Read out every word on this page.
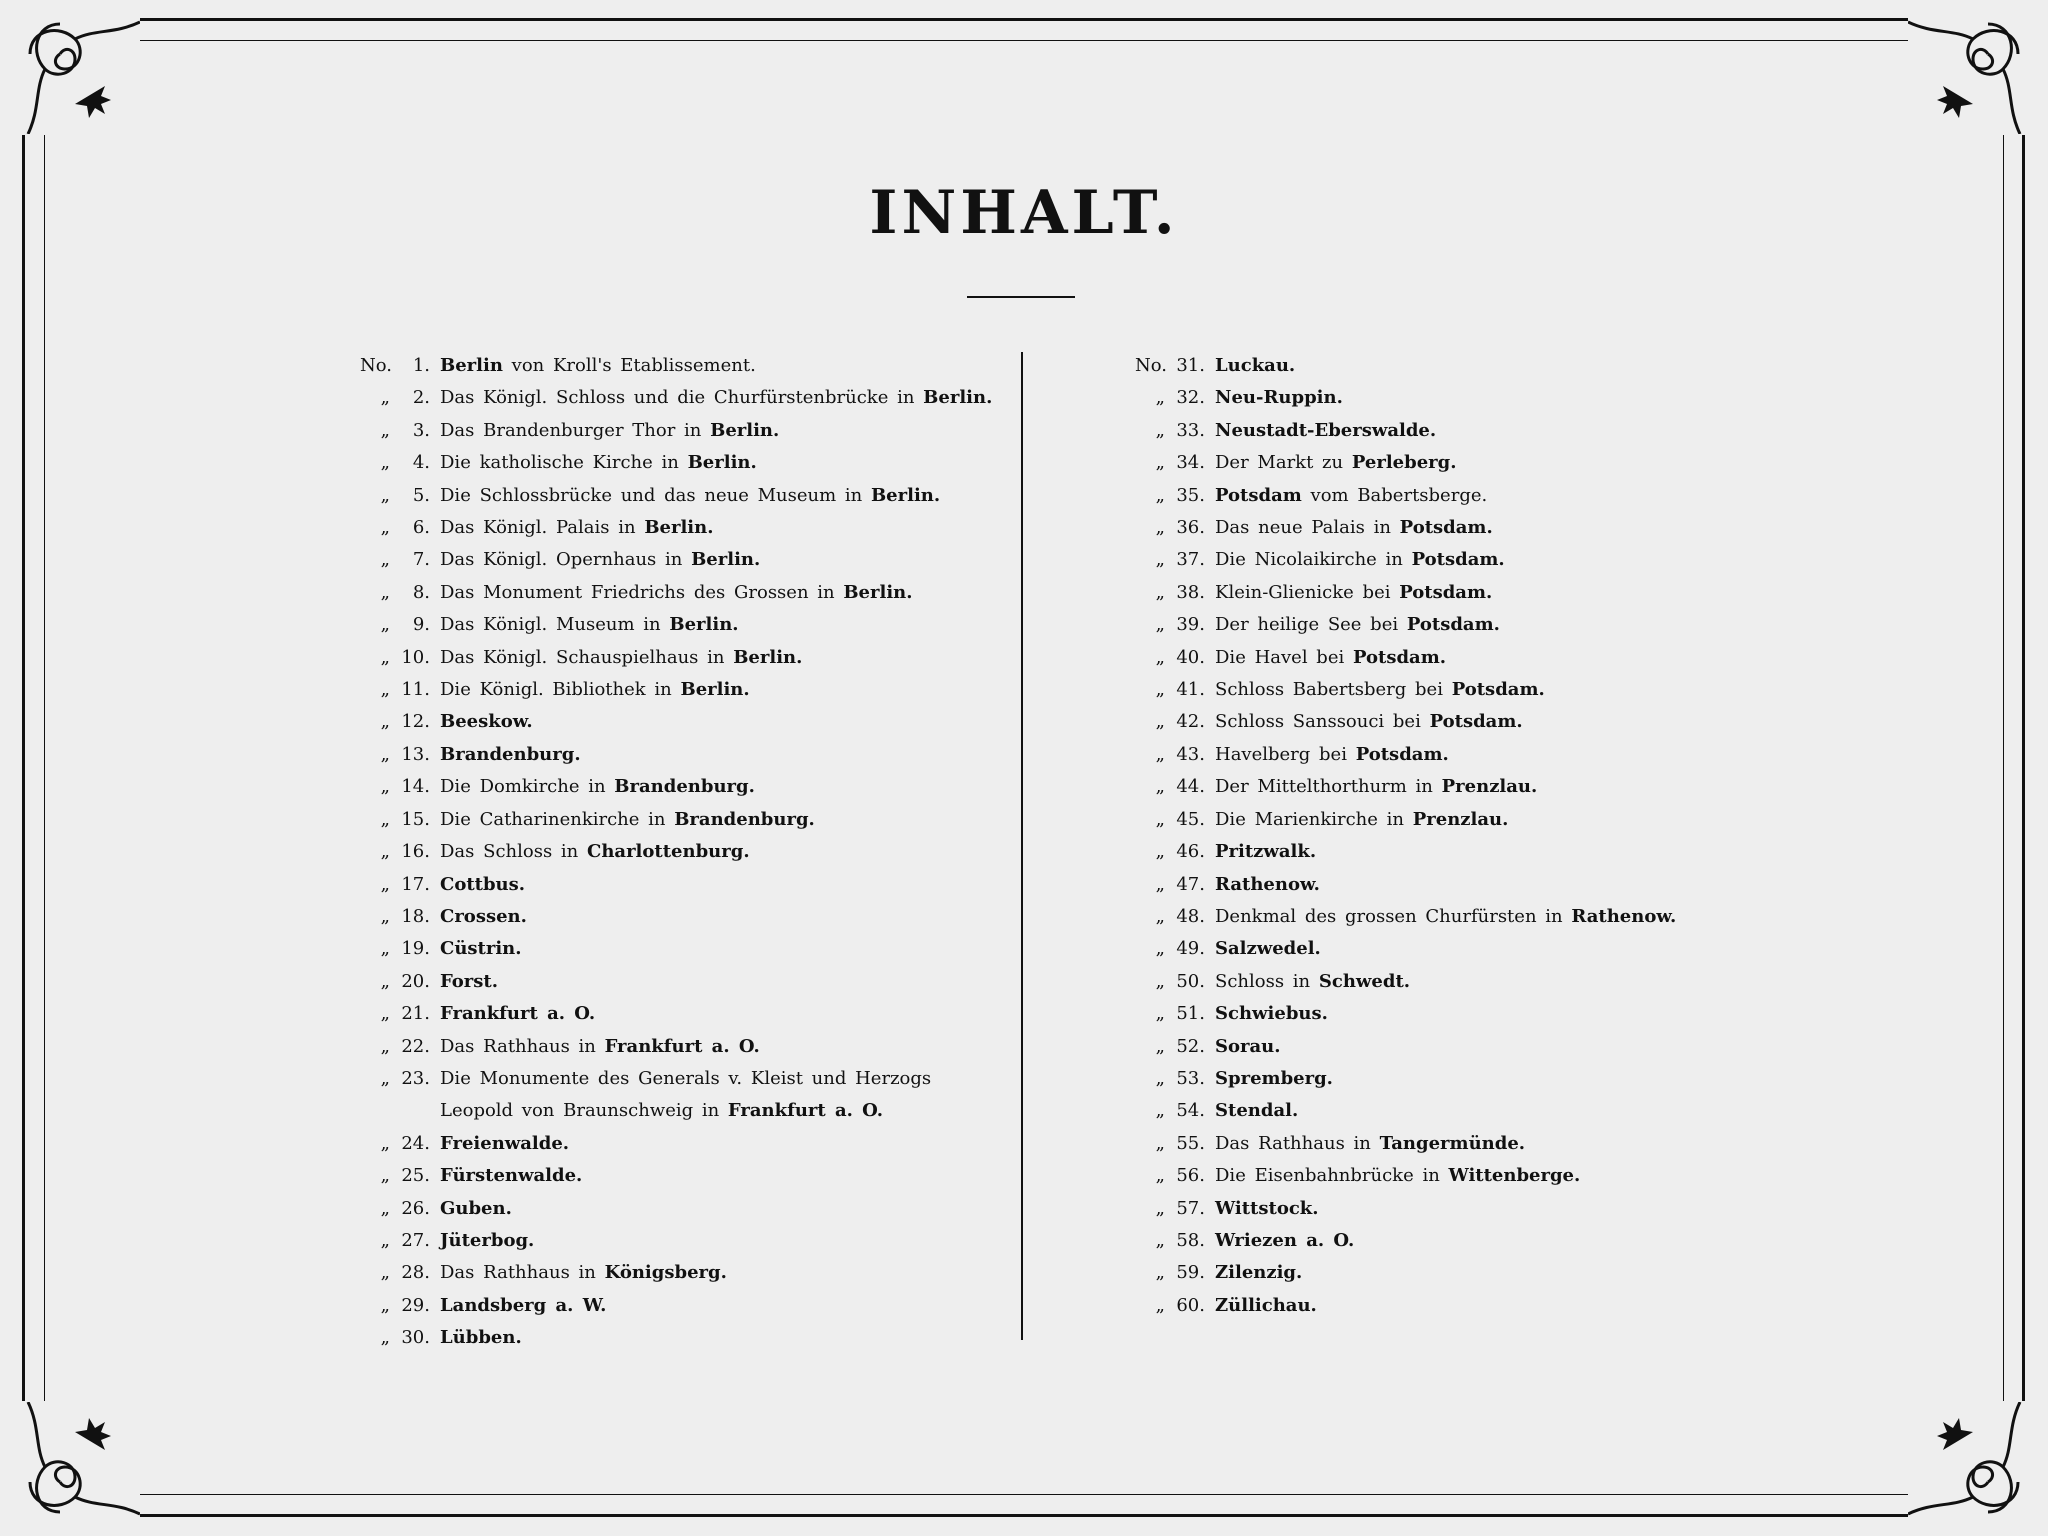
INHALT.
No.	1. Berlin von Kroll's Etablissement.
„	2. Das Königl. Schloss und die Churfürstenbrücke in Berlin.
„	3. Das Brandenburger Thor in Berlin.
„	4. Die katholische Kirche in Berlin.
„	5. Die Schlossbrücke und das neue Museum in Berlin.
„	6. Das Königl. Palais in Berlin.
„	7. Das Königl. Opernhaus in Berlin.
„	8. Das Monument Friedrichs des Grossen in Berlin.
„	9. Das Königl. Museum in Berlin.
„ 10. Das Königl. Schauspielhaus in Berlin.
„ 11. Die Königl. Bibliothek in Berlin.
„ 12. Beeskow.
„ 13. Brandenburg.
„ 14. Die Domkirche in Brandenburg.
„ 15. Die Catharinenkirche in Brandenburg.
„ 16. Das Schloss in Charlottenburg.
„ 17. Cottbus.
„ 18. Crossen.
„ 19. Cüstrin.
„ 20. Forst.
„ 21. Frankfurt a. O.
„ 22. Das Rathhaus in Frankfurt a. O.
„ 23. Die Monumente des Generals v. Kleist und Herzogs
Leopold von Braunschweig in Frankfurt a. O.
„ 24. Freienwalde.
„ 25. Fürstenwalde.
„ 26. Guben.
„ 27. Jüterbog.
„ 28. Das Rathhaus in Königsberg.
„ 29. Landsberg a. W.
„ 30. Lübben.
No. 31. Luckau.
„ 32. Neu-Ruppin.
„ 33. Neustadt-Eberswalde.
„ 34. Der Markt zu Perleberg.
„ 35. Potsdam vom Babertsberge.
„ 36. Das neue Palais in Potsdam.
„ 37. Die Nicolaikirche in Potsdam.
„ 38. Klein-Glienicke bei Potsdam.
„ 39. Der heilige See bei Potsdam.
„ 40. Die Havel bei Potsdam.
„ 41. Schloss Babertsberg bei Potsdam.
„ 42. Schloss Sanssouci bei Potsdam.
„ 43. Havelberg bei Potsdam.
„ 44. Der Mittelthorthurm in Prenzlau.
„ 45. Die Marienkirche in Prenzlau.
„ 46. Pritzwalk.
„ 47. Rathenow.
„ 48. Denkmal des grossen Churfürsten in Rathenow.
„ 49. Salzwedel.
„ 50. Schloss in Schwedt.
„ 51. Schwiebus.
„ 52. Sorau.
„ 53. Spremberg.
„ 54. Stendal.
„ 55. Das Rathhaus in Tangermünde.
„ 56. Die Eisenbahnbrücke in Wittenberge.
„ 57. Wittstock.
„ 58. Wriezen a. O.
„ 59. Zilenzig.
„ 60. Züllichau.
